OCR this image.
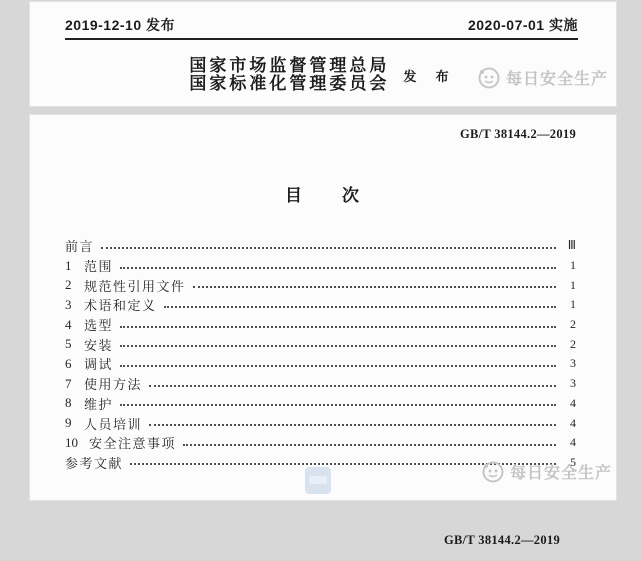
2019-12-10 发布	2020-07-01 实施
国家市场监督管理总局
国家标准化管理委员会 发 布	每日安全生产
GB/T 38144.2—2019
目　　次
前言	Ⅲ
1 范围	1
2 规范性引用文件	1
3 术语和定义	1
4 选型	2
5 安装	2
6 调试	3
7 使用方法	3
8 维护	4
9 人员培训	4
10 安全注意事项	4
参考文献	5
每日安全生产
GB/T 38144.2—2019
